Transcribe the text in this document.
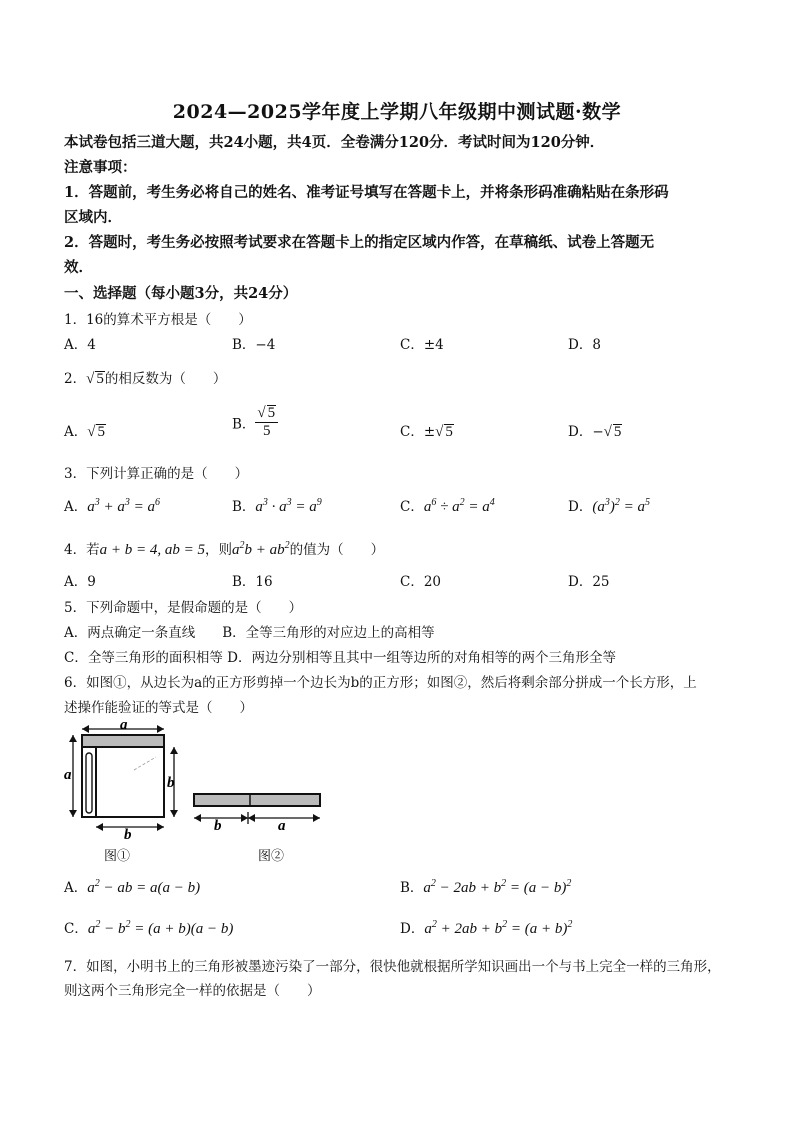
2024—2025学年度上学期八年级期中测试题·数学
本试卷包括三道大题，共24小题，共4页．全卷满分120分．考试时间为120分钟．
注意事项：
1．答题前，考生务必将自己的姓名、准考证号填写在答题卡上，并将条形码准确粘贴在条形码
区域内．
2．答题时，考生务必按照考试要求在答题卡上的指定区域内作答，在草稿纸、试卷上答题无
效．
一、选择题（每小题3分，共24分）
1．16的算术平方根是（　　）
A．4	B．−4	C．±4	D．8
2．√ 5的相反数为（　　）
A．√ 5	B． $\frac{√ 5}{5}$	C．±√ 5	D．−√ 5
3．下列计算正确的是（　　）
A．$a^3 + a^3 = a^6$	B．$a^3 \cdot a^3 = a^9$	C．$a^6 \div a^2 = a^4$	D．$(a^3)^2 = a^5$
4．若a + b = 4, ab = 5，则$a^2b + ab^2$的值为（　　）
A．9	B．16	C．20	D．25
5．下列命题中，是假命题的是（　　）
A．两点确定一条直线　　B．全等三角形的对应边上的高相等
C．全等三角形的面积相等 D．两边分别相等且其中一组等边所的对角相等的两个三角形全等
6．如图①，从边长为a的正方形剪掉一个边长为b的正方形；如图②，然后将剩余部分拼成一个长方形，上
述操作能验证的等式是（　　）
a
a	b
b
图①
b	a
图②
A．$a^2$ − ab = a(a − b)	B．$a^2 - 2ab + b^2 = (a - b)^2$
C．$a^2 - b^2 = (a + b)(a - b)$	D．$a^2 + 2ab + b^2 = (a + b)^2$
7．如图，小明书上的三角形被墨迹污染了一部分，很快他就根据所学知识画出一个与书上完全一样的三角形，
则这两个三角形完全一样的依据是（　　）
